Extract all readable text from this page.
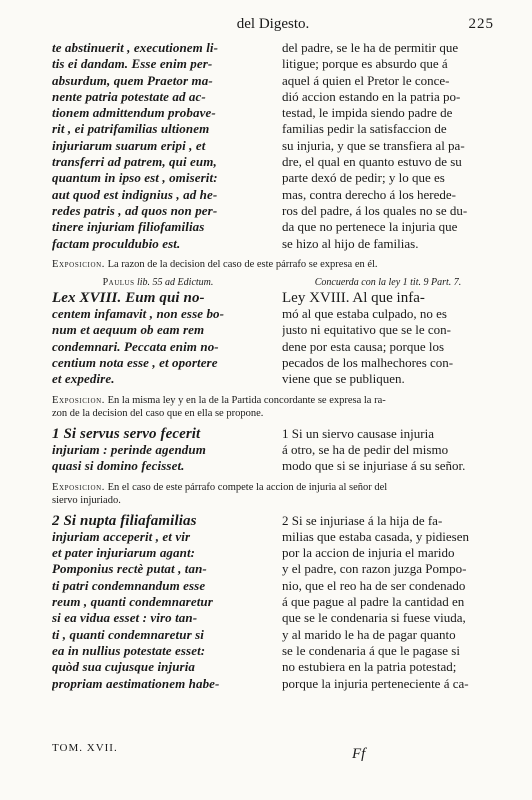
del Digesto.	225
te abstinuerit , executionem li-
tis ei dandam. Esse enim per-
absurdum, quem Praetor ma-
nente patria potestate ad ac-
tionem admittendum probave-
rit , ei patrifamilias ultionem
injuriarum suarum eripi , et
transferri ad patrem, qui eum,
quantum in ipso est , omiserit:
aut quod est indignius , ad he-
redes patris , ad quos non per-
tinere injuriam filiofamilias
factam proculdubio est.
del padre, se le ha de permitir que
litigue; porque es absurdo que á
aquel á quien el Pretor le conce-
dió accion estando en la patria po-
testad, le impida siendo padre de
familias pedir la satisfaccion de
su injuria, y que se transfiera al pa-
dre, el qual en quanto estuvo de su
parte dexó de pedir; y lo que es
mas, contra derecho á los herede-
ros del padre, á los quales no se du-
da que no pertenece la injuria que
se hizo al hijo de familias.
Exposicion. La razon de la decision del caso de este párrafo se expresa en él.
Paulus lib. 55 ad Edictum.	Concuerda con la ley 1 tit. 9 Part. 7.
Lex XVIII. Eum qui no-
centem infamavit , non esse bo-
num et aequum ob eam rem
condemnari. Peccata enim no-
centium nota esse , et oportere
et expedire.
Ley XVIII. Al que infa-
mó al que estaba culpado, no es
justo ni equitativo que se le con-
dene por esta causa; porque los
pecados de los malhechores con-
viene que se publiquen.
Exposicion. En la misma ley y en la de la Partida concordante se expresa la ra-
zon de la decision del caso que en ella se propone.
1 Si servus servo fecerit
injuriam : perinde agendum
quasi si domino fecisset.
1 Si un siervo causase injuria
á otro, se ha de pedir del mismo
modo que si se injuriase á su señor.
Exposicion. En el caso de este párrafo compete la accion de injuria al señor del
siervo injuriado.
2 Si nupta filiafamilias
injuriam acceperit , et vir
et pater injuriarum agant:
Pomponius rectè putat , tan-
ti patri condemnandum esse
reum , quanti condemnaretur
si ea vidua esset : viro tan-
ti , quanti condemnaretur si
ea in nullius potestate esset:
quòd sua cujusque injuria
propriam aestimationem habe-
2 Si se injuriase á la hija de fa-
milias que estaba casada, y pidiesen
por la accion de injuria el marido
y el padre, con razon juzga Pompo-
nio, que el reo ha de ser condenado
á que pague al padre la cantidad en
que se le condenaria si fuese viuda,
y al marido le ha de pagar quanto
se le condenaria á que le pagase si
no estubiera en la patria potestad;
porque la injuria perteneciente á ca-
TOM. XVII.	Ff
